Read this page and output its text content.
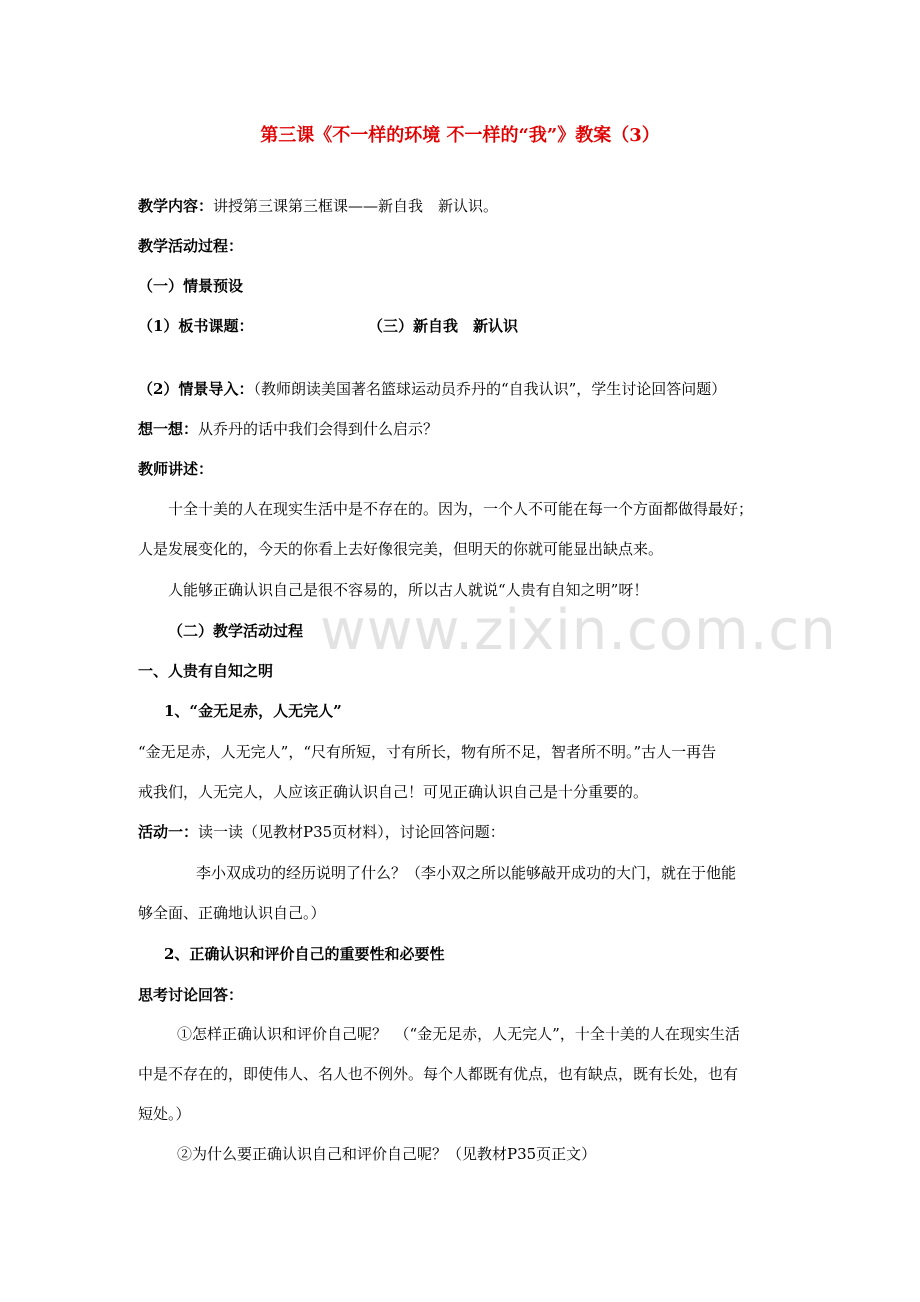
www.zixin.com.cn
第三课《不一样的环境 不一样的“我”》教案（3）
教学内容：讲授第三课第三框课——新自我　新认识。
教学活动过程：
（一）情景预设
（1）板书课题：	（三）新自我　新认识
（2）情景导入：（教师朗读美国著名篮球运动员乔丹的“自我认识”，学生讨论回答问题）
想一想：从乔丹的话中我们会得到什么启示？
教师讲述：
十全十美的人在现实生活中是不存在的。因为，一个人不可能在每一个方面都做得最好；
人是发展变化的，今天的你看上去好像很完美，但明天的你就可能显出缺点来。
人能够正确认识自己是很不容易的，所以古人就说“人贵有自知之明”呀！
（二）教学活动过程
一、人贵有自知之明
1、“金无足赤，人无完人”
“金无足赤，人无完人”，“尺有所短，寸有所长，物有所不足，智者所不明。”古人一再告
戒我们，人无完人，人应该正确认识自己！可见正确认识自己是十分重要的。
活动一：读一读（见教材P35页材料），讨论回答问题：
李小双成功的经历说明了什么？（李小双之所以能够敲开成功的大门，就在于他能
够全面、正确地认识自己。）
2、正确认识和评价自己的重要性和必要性
思考讨论回答：
①怎样正确认识和评价自己呢？　（“金无足赤，人无完人”，十全十美的人在现实生活
中是不存在的，即使伟人、名人也不例外。每个人都既有优点，也有缺点，既有长处，也有
短处。）
②为什么要正确认识自己和评价自己呢？（见教材P35页正文）
